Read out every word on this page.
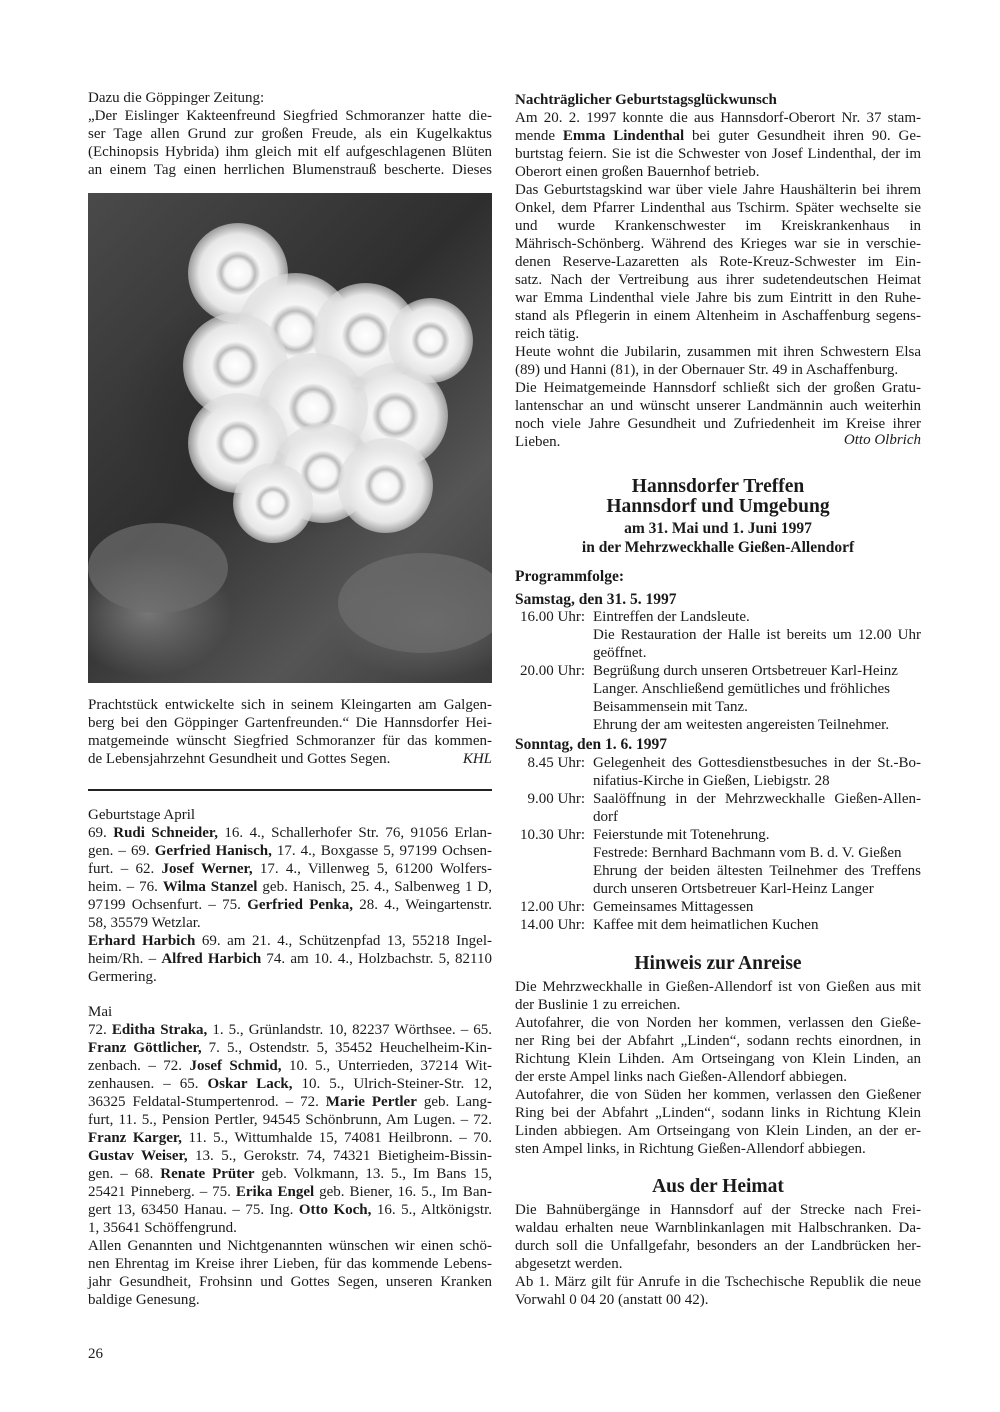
Dazu die Göppinger Zeitung:
„Der Eislinger Kakteenfreund Siegfried Schmoranzer hatte die-
ser Tage allen Grund zur großen Freude, als ein Kugelkaktus
(Echinopsis Hybrida) ihm gleich mit elf aufgeschlagenen Blüten
an einem Tag einen herrlichen Blumenstrauß bescherte. Dieses
Prachtstück entwickelte sich in seinem Kleingarten am Galgen-
berg bei den Göppinger Gartenfreunden.“ Die Hannsdorfer Hei-
matgemeinde wünscht Siegfried Schmoranzer für das kommen-
de Lebensjahrzehnt Gesundheit und Gottes Segen.	KHL
Geburtstage April
69. Rudi Schneider, 16. 4., Schallerhofer Str. 76, 91056 Erlan-
gen. – 69. Gerfried Hanisch, 17. 4., Boxgasse 5, 97199 Ochsen-
furt. – 62. Josef Werner, 17. 4., Villenweg 5, 61200 Wolfers-
heim. – 76. Wilma Stanzel geb. Hanisch, 25. 4., Salbenweg 1 D,
97199 Ochsenfurt. – 75. Gerfried Penka, 28. 4., Weingartenstr.
58, 35579 Wetzlar.
Erhard Harbich 69. am 21. 4., Schützenpfad 13, 55218 Ingel-
heim/Rh. – Alfred Harbich 74. am 10. 4., Holzbachstr. 5, 82110
Germering.
Mai
72. Editha Straka, 1. 5., Grünlandstr. 10, 82237 Wörthsee. – 65.
Franz Göttlicher, 7. 5., Ostendstr. 5, 35452 Heuchelheim-Kin-
zenbach. – 72. Josef Schmid, 10. 5., Unterrieden, 37214 Wit-
zenhausen. – 65. Oskar Lack, 10. 5., Ulrich-Steiner-Str. 12,
36325 Feldatal-Stumpertenrod. – 72. Marie Pertler geb. Lang-
furt, 11. 5., Pension Pertler, 94545 Schönbrunn, Am Lugen. – 72.
Franz Karger, 11. 5., Wittumhalde 15, 74081 Heilbronn. – 70.
Gustav Weiser, 13. 5., Gerokstr. 74, 74321 Bietigheim-Bissin-
gen. – 68. Renate Prüter geb. Volkmann, 13. 5., Im Bans 15,
25421 Pinneberg. – 75. Erika Engel geb. Biener, 16. 5., Im Ban-
gert 13, 63450 Hanau. – 75. Ing. Otto Koch, 16. 5., Altkönigstr.
1, 35641 Schöffengrund.
Allen Genannten und Nichtgenannten wünschen wir einen schö-
nen Ehrentag im Kreise ihrer Lieben, für das kommende Lebens-
jahr Gesundheit, Frohsinn und Gottes Segen, unseren Kranken
baldige Genesung.
26
Nachträglicher Geburtstagsglückwunsch
Am 20. 2. 1997 konnte die aus Hannsdorf-Oberort Nr. 37 stam-
mende Emma Lindenthal bei guter Gesundheit ihren 90. Ge-
burtstag feiern. Sie ist die Schwester von Josef Lindenthal, der im
Oberort einen großen Bauernhof betrieb.
Das Geburtstagskind war über viele Jahre Haushälterin bei ihrem
Onkel, dem Pfarrer Lindenthal aus Tschirm. Später wechselte sie
und wurde Krankenschwester im Kreiskrankenhaus in
Mährisch-Schönberg. Während des Krieges war sie in verschie-
denen Reserve-Lazaretten als Rote-Kreuz-Schwester im Ein-
satz. Nach der Vertreibung aus ihrer sudetendeutschen Heimat
war Emma Lindenthal viele Jahre bis zum Eintritt in den Ruhe-
stand als Pflegerin in einem Altenheim in Aschaffenburg segens-
reich tätig.
Heute wohnt die Jubilarin, zusammen mit ihren Schwestern Elsa
(89) und Hanni (81), in der Obernauer Str. 49 in Aschaffenburg.
Die Heimatgemeinde Hannsdorf schließt sich der großen Gratu-
lantenschar an und wünscht unserer Landmännin auch weiterhin
noch viele Jahre Gesundheit und Zufriedenheit im Kreise ihrer
Lieben.	Otto Olbrich
Hannsdorfer Treffen
Hannsdorf und Umgebung
am 31. Mai und 1. Juni 1997
in der Mehrzweckhalle Gießen-Allendorf
Programmfolge:
Samstag, den 31. 5. 1997
16.00 Uhr: Eintreffen der Landsleute.
Die Restauration der Halle ist bereits um 12.00 Uhr
geöffnet.
20.00 Uhr: Begrüßung durch unseren Ortsbetreuer Karl-Heinz
Langer. Anschließend gemütliches und fröhliches
Beisammensein mit Tanz.
Ehrung der am weitesten angereisten Teilnehmer.
Sonntag, den 1. 6. 1997
8.45 Uhr: Gelegenheit des Gottesdienstbesuches in der St.-Bo-
nifatius-Kirche in Gießen, Liebigstr. 28
9.00 Uhr: Saalöffnung in der Mehrzweckhalle Gießen-Allen-
dorf
10.30 Uhr: Feierstunde mit Totenehrung.
Festrede: Bernhard Bachmann vom B. d. V. Gießen
Ehrung der beiden ältesten Teilnehmer des Treffens
durch unseren Ortsbetreuer Karl-Heinz Langer
12.00 Uhr: Gemeinsames Mittagessen
14.00 Uhr: Kaffee mit dem heimatlichen Kuchen
Hinweis zur Anreise
Die Mehrzweckhalle in Gießen-Allendorf ist von Gießen aus mit
der Buslinie 1 zu erreichen.
Autofahrer, die von Norden her kommen, verlassen den Gieße-
ner Ring bei der Abfahrt „Linden“, sodann rechts einordnen, in
Richtung Klein Lihden. Am Ortseingang von Klein Linden, an
der erste Ampel links nach Gießen-Allendorf abbiegen.
Autofahrer, die von Süden her kommen, verlassen den Gießener
Ring bei der Abfahrt „Linden“, sodann links in Richtung Klein
Linden abbiegen. Am Ortseingang von Klein Linden, an der er-
sten Ampel links, in Richtung Gießen-Allendorf abbiegen.
Aus der Heimat
Die Bahnübergänge in Hannsdorf auf der Strecke nach Frei-
waldau erhalten neue Warnblinkanlagen mit Halbschranken. Da-
durch soll die Unfallgefahr, besonders an der Landbrücken her-
abgesetzt werden.
Ab 1. März gilt für Anrufe in die Tschechische Republik die neue
Vorwahl 0 04 20 (anstatt 00 42).
